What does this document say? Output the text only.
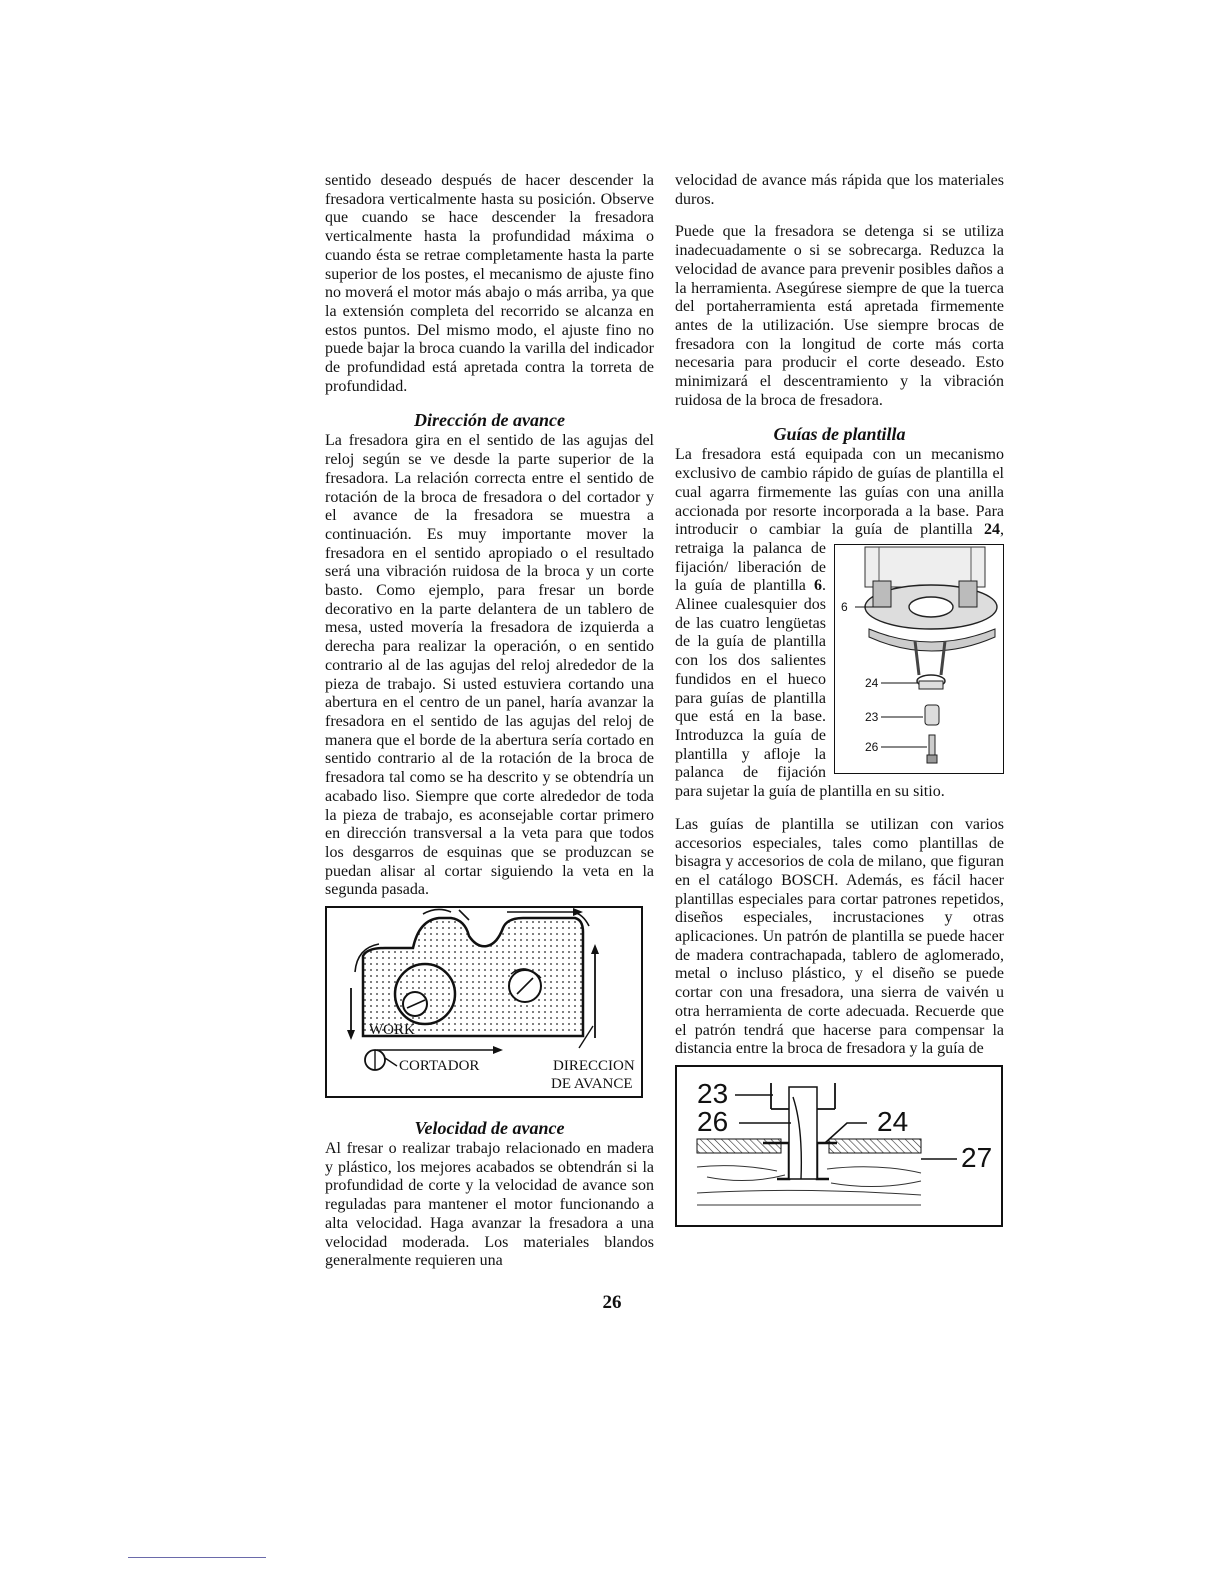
sentido deseado después de hacer descender la fresadora verticalmente hasta su posición. Observe que cuando se hace descender la fresadora verticalmente hasta la profundidad máxima o cuando ésta se retrae completamente hasta la parte superior de los postes, el mecanismo de ajuste fino no moverá el motor más abajo o más arriba, ya que la extensión completa del recorrido se alcanza en estos puntos. Del mismo modo, el ajuste fino no puede bajar la broca cuando la varilla del indicador de profundidad está apretada contra la torreta de profundidad.

Dirección de avance

La fresadora gira en el sentido de las agujas del reloj según se ve desde la parte superior de la fresadora. La relación correcta entre el sentido de rotación de la broca de fresadora o del cortador y el avance de la fresadora se muestra a continuación. Es muy importante mover la fresadora en el sentido apropiado o el resultado será una vibración ruidosa de la broca y un corte basto. Como ejemplo, para fresar un borde decorativo en la parte delantera de un tablero de mesa, usted movería la fresadora de izquierda a derecha para realizar la operación, o en sentido contrario al de las agujas del reloj alrededor de la pieza de trabajo. Si usted estuviera cortando una abertura en el centro de un panel, haría avanzar la fresadora en el sentido de las agujas del reloj de manera que el borde de la abertura sería cortado en sentido contrario al de la rotación de la broca de fresadora tal como se ha descrito y se obtendría un acabado liso. Siempre que corte alrededor de toda la pieza de trabajo, es aconsejable cortar primero en dirección transversal a la veta para que todos los desgarros de esquinas que se produzcan se puedan alisar al cortar siguiendo la veta en la segunda pasada.

WORK
CORTADOR	DIRECCION
DE AVANCE
Velocidad de avance

Al fresar o realizar trabajo relacionado en madera y plástico, los mejores acabados se obtendrán si la profundidad de corte y la velocidad de avance son reguladas para mantener el motor funcionando a alta velocidad. Haga avanzar la fresadora a una velocidad moderada. Los materiales blandos generalmente requieren una

velocidad de avance más rápida que los materiales duros.

Puede que la fresadora se detenga si se utiliza inadecuadamente o si se sobrecarga. Reduzca la velocidad de avance para prevenir posibles daños a la herramienta. Asegúrese siempre de que la tuerca del portaherramienta está apretada firmemente antes de la utilización. Use siempre brocas de fresadora con la longitud de corte más corta necesaria para producir el corte deseado. Esto minimizará el descentramiento y la vibración ruidosa de la broca de fresadora.

Guías de plantilla

La fresadora está equipada con un mecanismo exclusivo de cambio rápido de guías de plantilla el cual agarra firmemente las guías con una anilla accionada por resorte incorporada a la base. Para introducir o cambiar la guía de plantilla
6
24
23
26
24, retraiga la palanca de fijación/ liberación de la guía de plantilla 6. Alinee cualesquier dos de las cuatro lengüetas de la guía de plantilla con los dos salientes fundidos en el hueco para guías de plantilla que está en la base. Introduzca la guía de plantilla y afloje la palanca de fijación para sujetar la guía de plantilla en su sitio.

Las guías de plantilla se utilizan con varios accesorios especiales, tales como plantillas de bisagra y accesorios de cola de milano, que figuran en el catálogo BOSCH. Además, es fácil hacer plantillas especiales para cortar patrones repetidos, diseños especiales, incrustaciones y otras aplicaciones. Un patrón de plantilla se puede hacer de madera contrachapada, tablero de aglomerado, metal o incluso plástico, y el diseño se puede cortar con una fresadora, una sierra de vaivén u otra herramienta de corte adecuada. Recuerde que el patrón tendrá que hacerse para compensar la distancia entre la broca de fresadora y la guía de

23
26	24
27
26
